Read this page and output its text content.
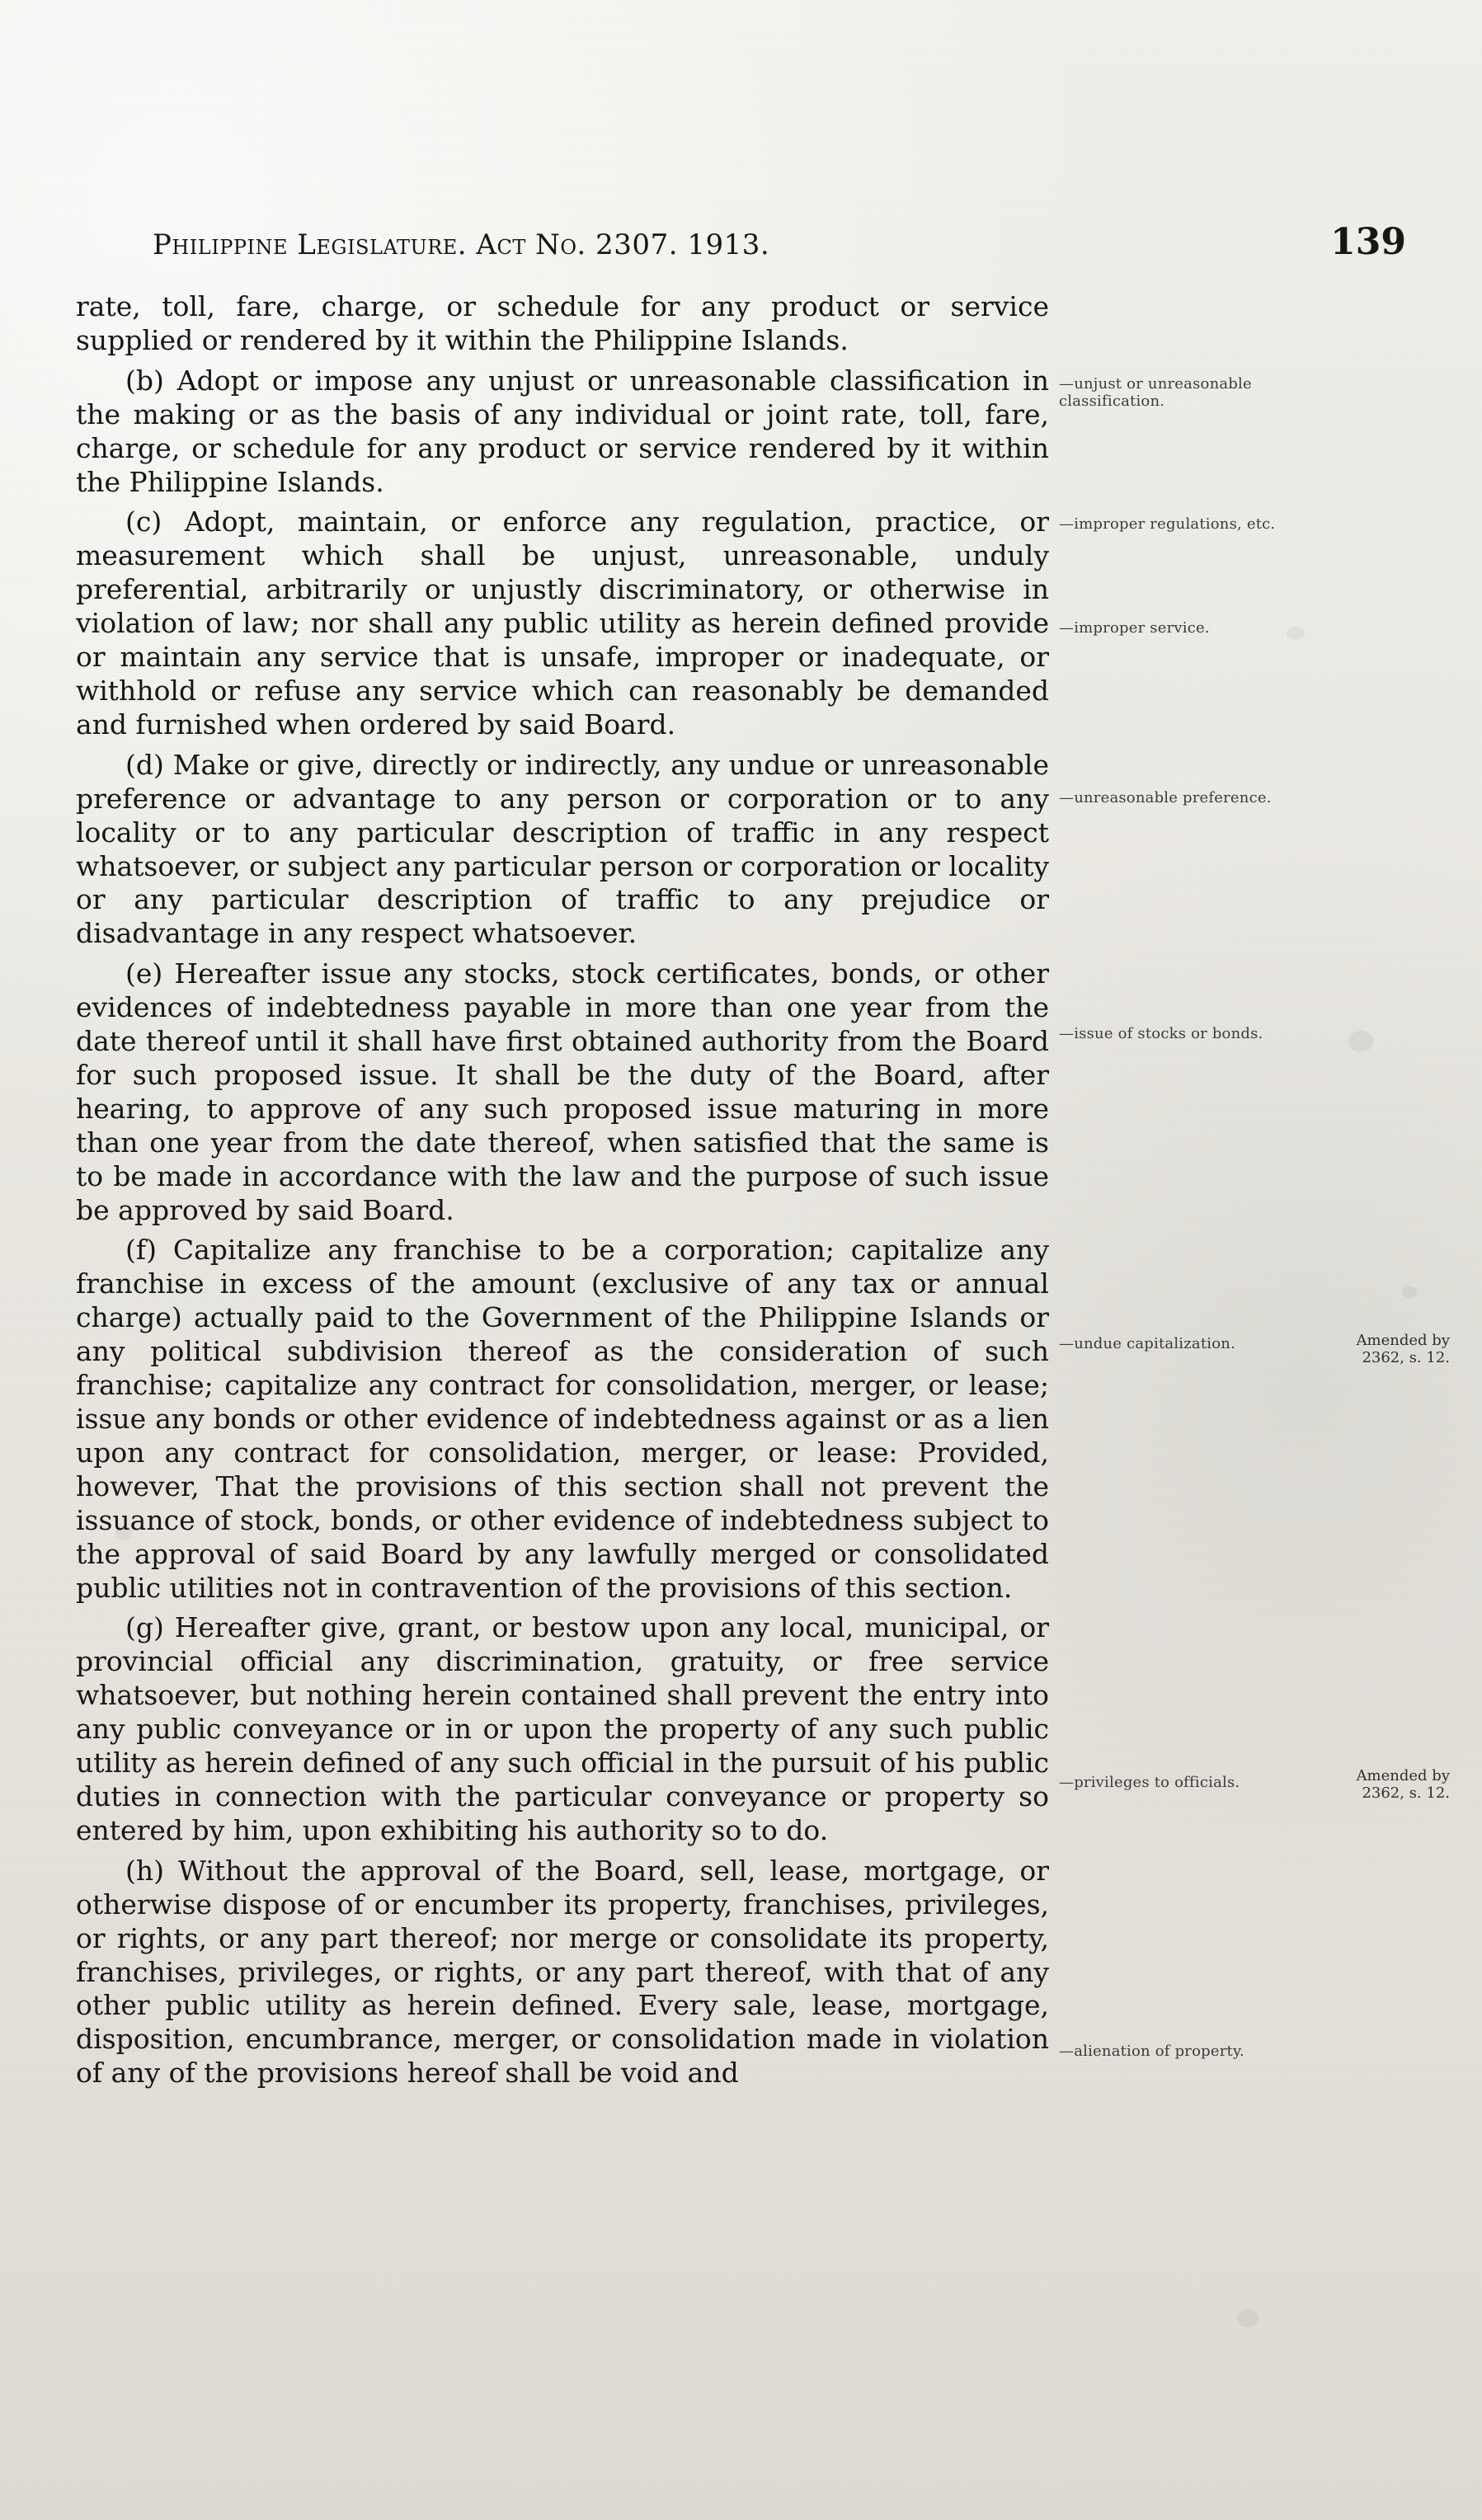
Philippine Legislature. Act No. 2307. 1913.	139

rate, toll, fare, charge, or schedule for any product or service supplied or rendered by it within the Philippine Islands.

(b) Adopt or impose any unjust or unreasonable classification in the making or as the basis of any individual or joint rate, toll, fare, charge, or schedule for any product or service rendered by it within the Philippine Islands.

(c) Adopt, maintain, or enforce any regulation, practice, or measurement which shall be unjust, unreasonable, unduly preferential, arbitrarily or unjustly discriminatory, or otherwise in violation of law; nor shall any public utility as herein defined provide or maintain any service that is unsafe, improper or inadequate, or withhold or refuse any service which can reasonably be demanded and furnished when ordered by said Board.

(d) Make or give, directly or indirectly, any undue or unreasonable preference or advantage to any person or corporation or to any locality or to any particular description of traffic in any respect whatsoever, or subject any particular person or corporation or locality or any particular description of traffic to any prejudice or disadvantage in any respect whatsoever.

(e) Hereafter issue any stocks, stock certificates, bonds, or other evidences of indebtedness payable in more than one year from the date thereof until it shall have first obtained authority from the Board for such proposed issue. It shall be the duty of the Board, after hearing, to approve of any such proposed issue maturing in more than one year from the date thereof, when satisfied that the same is to be made in accordance with the law and the purpose of such issue be approved by said Board.

(f) Capitalize any franchise to be a corporation; capitalize any franchise in excess of the amount (exclusive of any tax or annual charge) actually paid to the Government of the Philippine Islands or any political subdivision thereof as the consideration of such franchise; capitalize any contract for consolidation, merger, or lease; issue any bonds or other evidence of indebtedness against or as a lien upon any contract for consolidation, merger, or lease: Provided, however, That the provisions of this section shall not prevent the issuance of stock, bonds, or other evidence of indebtedness subject to the approval of said Board by any lawfully merged or consolidated public utilities not in contravention of the provisions of this section.

(g) Hereafter give, grant, or bestow upon any local, municipal, or provincial official any discrimination, gratuity, or free service whatsoever, but nothing herein contained shall prevent the entry into any public conveyance or in or upon the property of any such public utility as herein defined of any such official in the pursuit of his public duties in connection with the particular conveyance or property so entered by him, upon exhibiting his authority so to do.

(h) Without the approval of the Board, sell, lease, mortgage, or otherwise dispose of or encumber its property, franchises, privileges, or rights, or any part thereof; nor merge or consolidate its property, franchises, privileges, or rights, or any part thereof, with that of any other public utility as herein defined. Every sale, lease, mortgage, disposition, encumbrance, merger, or consolidation made in violation of any of the provisions hereof shall be void and

—unjust or unreasonable classification.
—improper regulations, etc.
—improper service.
—unreasonable preference.
—issue of stocks or bonds.
—undue capitalization.
—privileges to officials.
—alienation of property.
Amended by 2362, s. 12.
Amended by 2362, s. 12.
